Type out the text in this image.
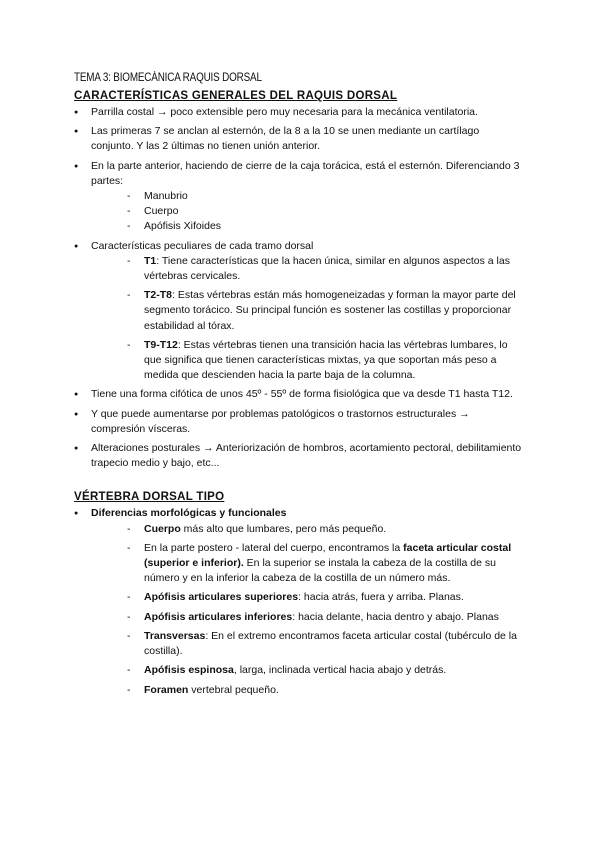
TEMA 3: BIOMECÁNICA RAQUIS DORSAL
CARACTERÍSTICAS GENERALES DEL RAQUIS DORSAL
● Parrilla costal → poco extensible pero muy necesaria para la mecánica ventilatoria.
● Las primeras 7 se anclan al esternón, de la 8 a la 10 se unen mediante un cartílago conjunto. Y las 2 últimas no tienen unión anterior.
● En la parte anterior, haciendo de cierre de la caja torácica, está el esternón. Diferenciando 3 partes:
- Manubrio
- Cuerpo
- Apófisis Xifoides
● Características peculiares de cada tramo dorsal
- T1: Tiene características que la hacen única, similar en algunos aspectos a las vértebras cervicales.
- T2-T8: Estas vértebras están más homogeneizadas y forman la mayor parte del segmento torácico. Su principal función es sostener las costillas y proporcionar estabilidad al tórax.
- T9-T12: Estas vértebras tienen una transición hacia las vértebras lumbares, lo que significa que tienen características mixtas, ya que soportan más peso a medida que descienden hacia la parte baja de la columna.
● Tiene una forma cifótica de unos 45º - 55º de forma fisiológica que va desde T1 hasta T12.
● Y que puede aumentarse por problemas patológicos o trastornos estructurales → compresión vísceras.
● Alteraciones posturales → Anteriorización de hombros, acortamiento pectoral, debilitamiento trapecio medio y bajo, etc...
VÉRTEBRA DORSAL TIPO
● Diferencias morfológicas y funcionales
- Cuerpo más alto que lumbares, pero más pequeño.
- En la parte postero - lateral del cuerpo, encontramos la faceta articular costal (superior e inferior). En la superior se instala la cabeza de la costilla de su número y en la inferior la cabeza de la costilla de un número más.
- Apófisis articulares superiores: hacia atrás, fuera y arriba. Planas.
- Apófisis articulares inferiores: hacia delante, hacia dentro y abajo. Planas
- Transversas: En el extremo encontramos faceta articular costal (tubérculo de la costilla).
- Apófisis espinosa, larga, inclinada vertical hacia abajo y detrás.
- Foramen vertebral pequeño.
